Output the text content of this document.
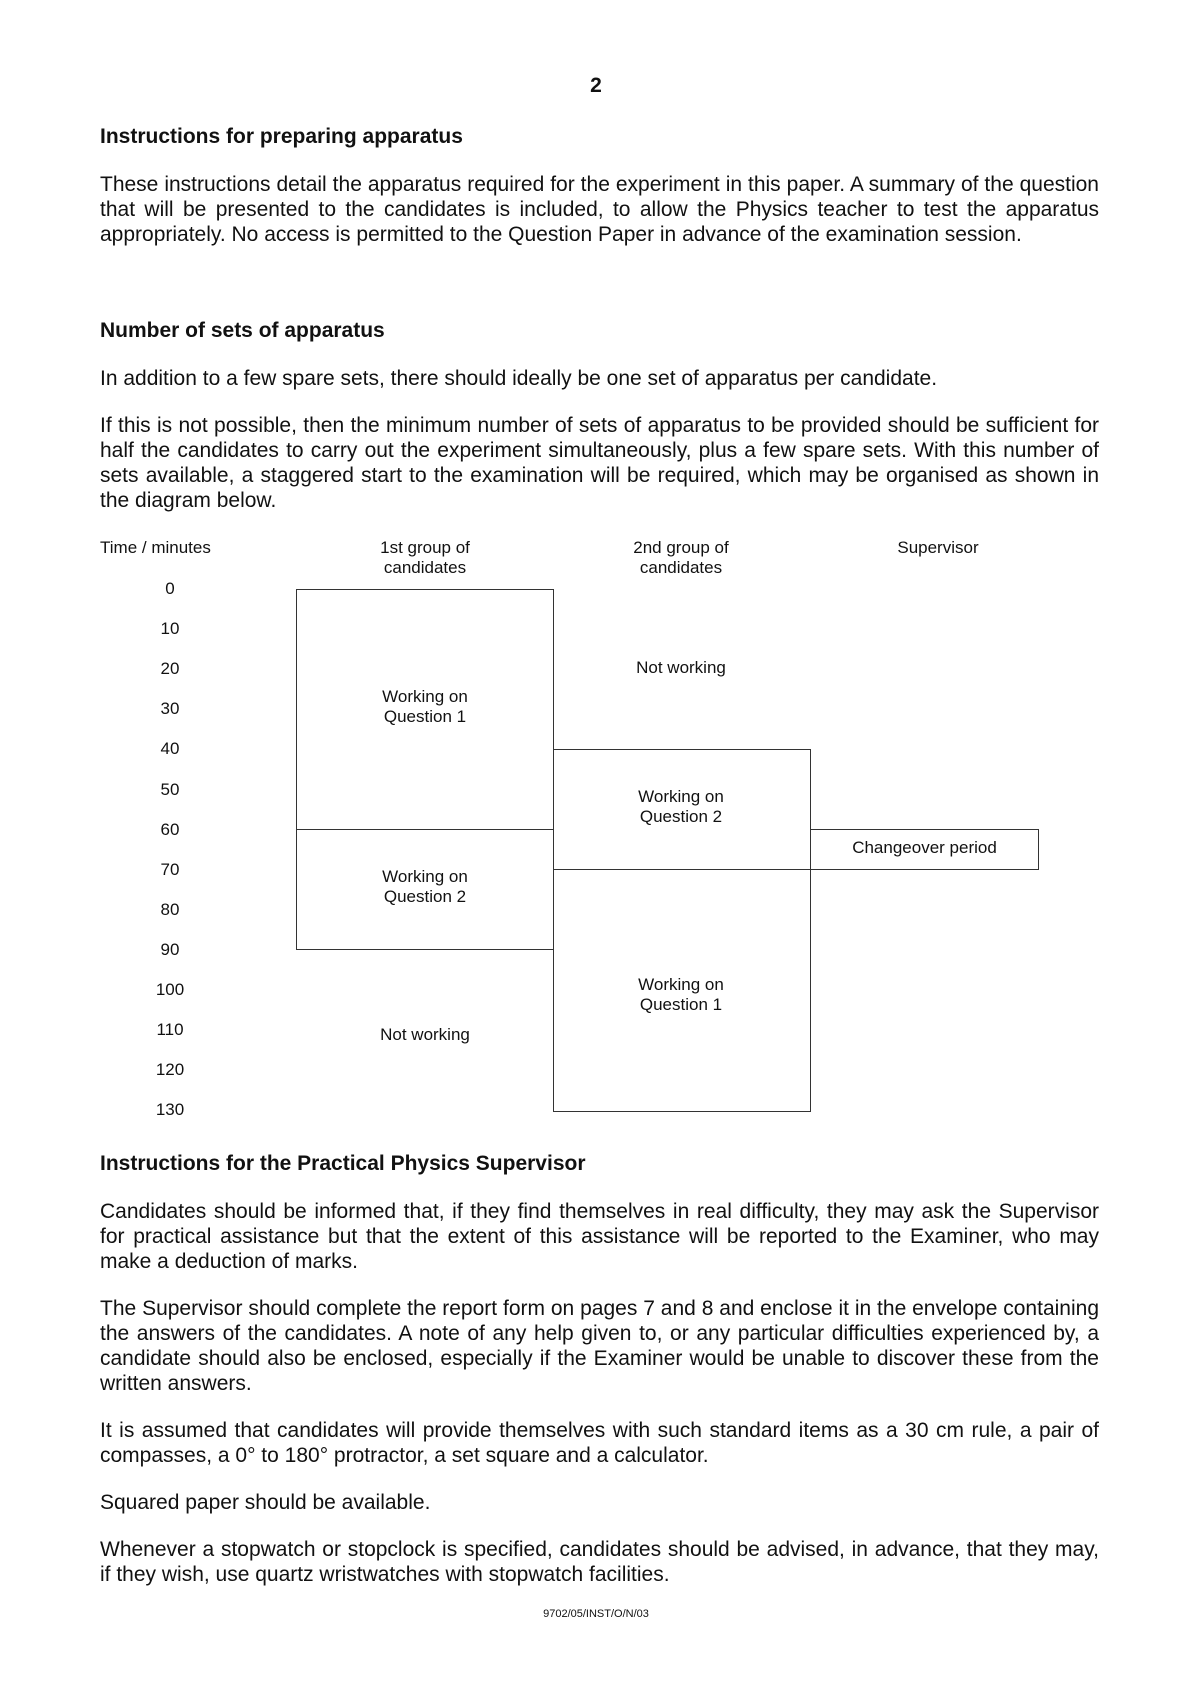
2
Instructions for preparing apparatus

These instructions detail the apparatus required for the experiment in this paper. A summary of the question that will be presented to the candidates is included, to allow the Physics teacher to test the apparatus appropriately. No access is permitted to the Question Paper in advance of the examination session.

Number of sets of apparatus

In addition to a few spare sets, there should ideally be one set of apparatus per candidate.

If this is not possible, then the minimum number of sets of apparatus to be provided should be sufficient for half the candidates to carry out the experiment simultaneously, plus a few spare sets. With this number of sets available, a staggered start to the examination will be required, which may be organised as shown in the diagram below.

Time / minutes	1st group of candidates
2nd group of candidates
Supervisor
0
10
20
30
40
50
60
70
80
90
100
110
120
130
Working on Question 1
Working on Question 2
Not working
Not working
Working on Question 2
Working on Question 1
Changeover period
Instructions for the Practical Physics Supervisor

Candidates should be informed that, if they find themselves in real difficulty, they may ask the Supervisor for practical assistance but that the extent of this assistance will be reported to the Examiner, who may make a deduction of marks.

The Supervisor should complete the report form on pages 7 and 8 and enclose it in the envelope containing the answers of the candidates. A note of any help given to, or any particular difficulties experienced by, a candidate should also be enclosed, especially if the Examiner would be unable to discover these from the written answers.

It is assumed that candidates will provide themselves with such standard items as a 30 cm rule, a pair of compasses, a 0° to 180° protractor, a set square and a calculator.

Squared paper should be available.

Whenever a stopwatch or stopclock is specified, candidates should be advised, in advance, that they may, if they wish, use quartz wristwatches with stopwatch facilities.

9702/05/INST/O/N/03
